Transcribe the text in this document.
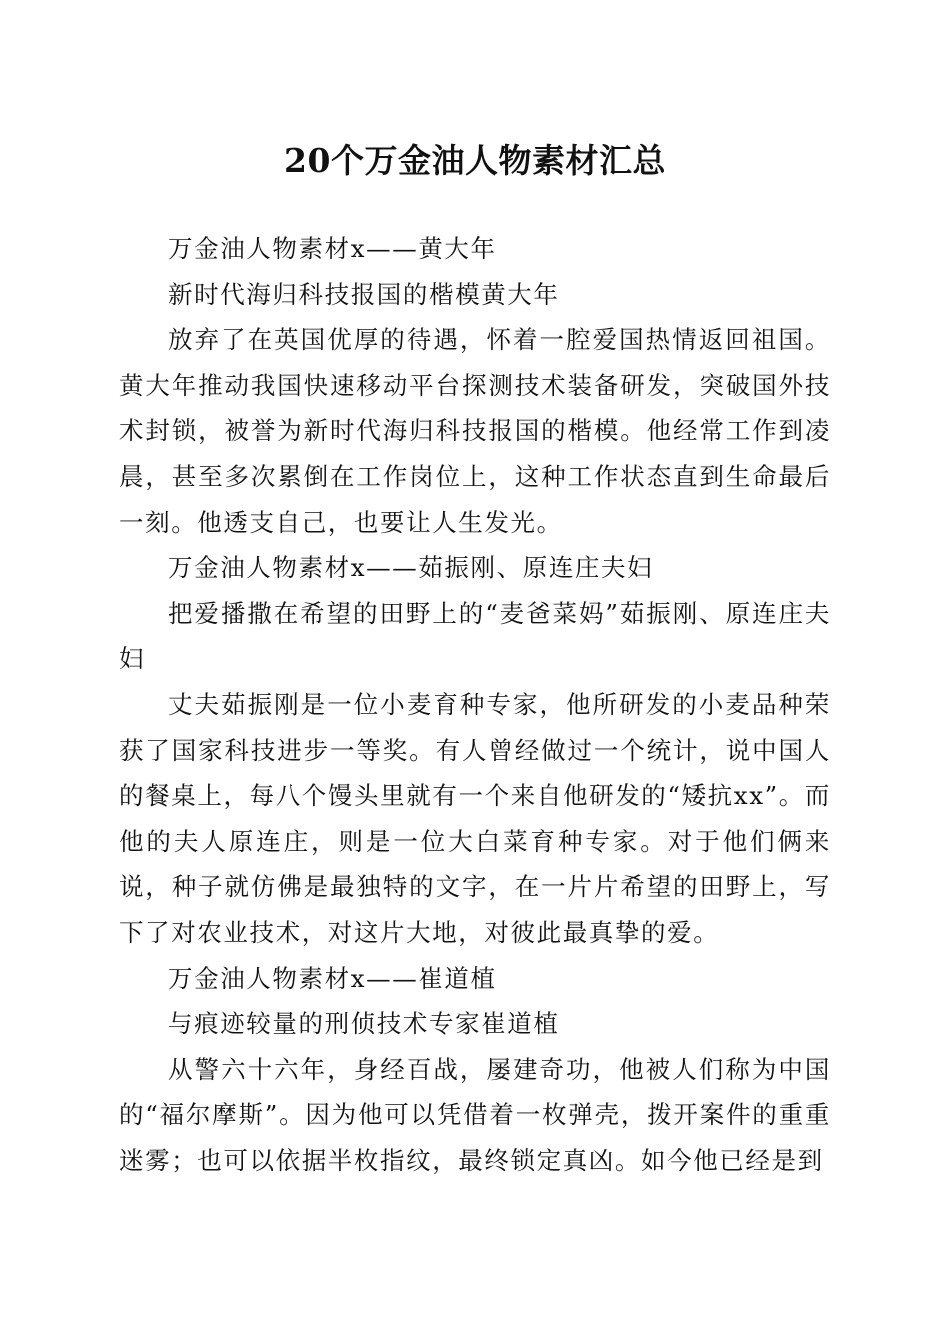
20个万金油人物素材汇总

万金油人物素材x——黄大年

新时代海归科技报国的楷模黄大年

放弃了在英国优厚的待遇，怀着一腔爱国热情返回祖国。黄大年推动我国快速移动平台探测技术装备研发，突破国外技术封锁，被誉为新时代海归科技报国的楷模。他经常工作到凌晨，甚至多次累倒在工作岗位上，这种工作状态直到生命最后一刻。他透支自己，也要让人生发光。

万金油人物素材x——茹振刚、原连庄夫妇

把爱播撒在希望的田野上的“麦爸菜妈”茹振刚、原连庄夫妇

丈夫茹振刚是一位小麦育种专家，他所研发的小麦品种荣获了国家科技进步一等奖。有人曾经做过一个统计，说中国人的餐桌上，每八个馒头里就有一个来自他研发的“矮抗xx”。而他的夫人原连庄，则是一位大白菜育种专家。对于他们俩来说，种子就仿佛是最独特的文字，在一片片希望的田野上，写下了对农业技术，对这片大地，对彼此最真挚的爱。

万金油人物素材x——崔道植

与痕迹较量的刑侦技术专家崔道植

从警六十六年，身经百战，屡建奇功，他被人们称为中国的“福尔摩斯”。因为他可以凭借着一枚弹壳，拨开案件的重重迷雾；也可以依据半枚指纹，最终锁定真凶。如今他已经是到
